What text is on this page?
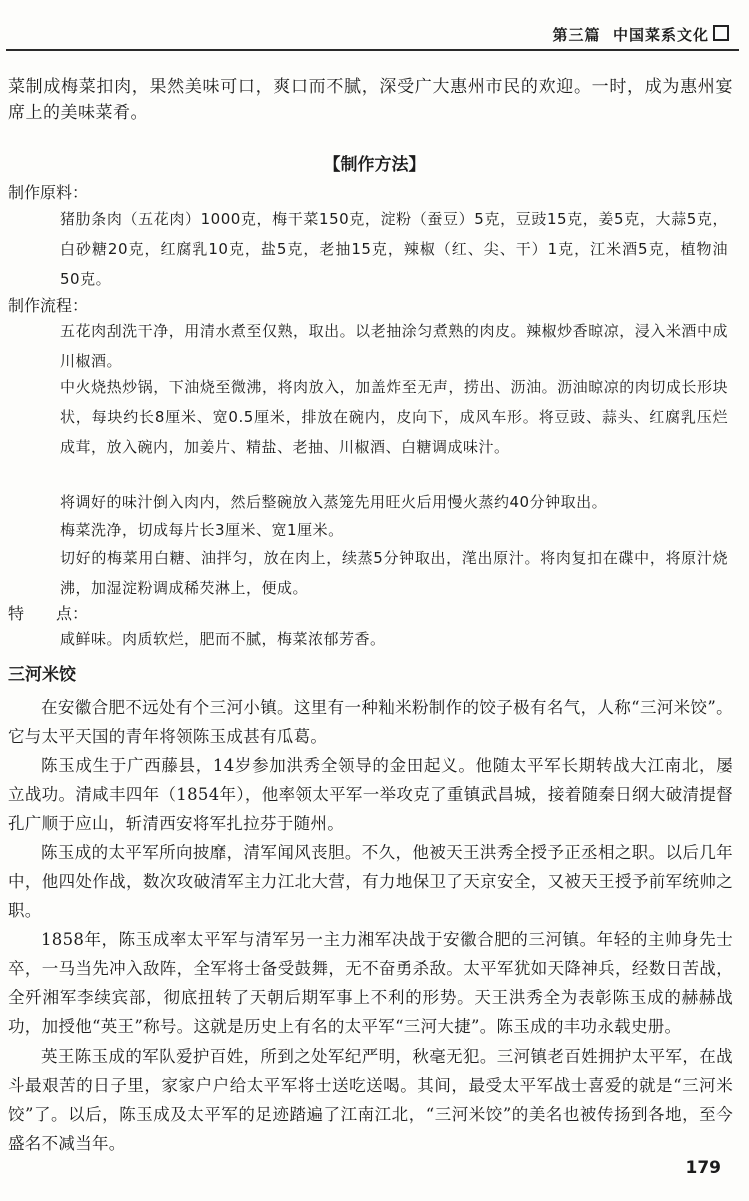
第三篇 中国菜系文化
菜制成梅菜扣肉，果然美味可口，爽口而不腻，深受广大惠州市民的欢迎。一时，成为惠州宴席上的美味菜肴。
【制作方法】
制作原料：
猪肋条肉（五花肉）1000克，梅干菜150克，淀粉（蚕豆）5克，豆豉15克，姜5克，大蒜5克，白砂糖20克，红腐乳10克，盐5克，老抽15克，辣椒（红、尖、干）1克，江米酒5克，植物油50克。
制作流程：
五花肉刮洗干净，用清水煮至仅熟，取出。以老抽涂匀煮熟的肉皮。辣椒炒香晾凉，浸入米酒中成川椒酒。
中火烧热炒锅，下油烧至微沸，将肉放入，加盖炸至无声，捞出、沥油。沥油晾凉的肉切成长形块状，每块约长8厘米、宽0.5厘米，排放在碗内，皮向下，成风车形。将豆豉、蒜头、红腐乳压烂成茸，放入碗内，加姜片、精盐、老抽、川椒酒、白糖调成味汁。
将调好的味汁倒入肉内，然后整碗放入蒸笼先用旺火后用慢火蒸约40分钟取出。
梅菜洗净，切成每片长3厘米、宽1厘米。
切好的梅菜用白糖、油拌匀，放在肉上，续蒸5分钟取出，滗出原汁。将肉复扣在碟中，将原汁烧沸，加湿淀粉调成稀芡淋上，便成。
特　　点：
咸鲜味。肉质软烂，肥而不腻，梅菜浓郁芳香。
三河米饺
在安徽合肥不远处有个三河小镇。这里有一种籼米粉制作的饺子极有名气，人称“三河米饺”。它与太平天国的青年将领陈玉成甚有瓜葛。
陈玉成生于广西藤县，14岁参加洪秀全领导的金田起义。他随太平军长期转战大江南北，屡立战功。清咸丰四年（1854年），他率领太平军一举攻克了重镇武昌城，接着随秦日纲大破清提督孔广顺于应山，斩清西安将军扎拉芬于随州。
陈玉成的太平军所向披靡，清军闻风丧胆。不久，他被天王洪秀全授予正丞相之职。以后几年中，他四处作战，数次攻破清军主力江北大营，有力地保卫了天京安全，又被天王授予前军统帅之职。
1858年，陈玉成率太平军与清军另一主力湘军决战于安徽合肥的三河镇。年轻的主帅身先士卒，一马当先冲入敌阵，全军将士备受鼓舞，无不奋勇杀敌。太平军犹如天降神兵，经数日苦战，全歼湘军李续宾部，彻底扭转了天朝后期军事上不利的形势。天王洪秀全为表彰陈玉成的赫赫战功，加授他“英王”称号。这就是历史上有名的太平军“三河大捷”。陈玉成的丰功永载史册。
英王陈玉成的军队爱护百姓，所到之处军纪严明，秋毫无犯。三河镇老百姓拥护太平军，在战斗最艰苦的日子里，家家户户给太平军将士送吃送喝。其间，最受太平军战士喜爱的就是“三河米饺”了。以后，陈玉成及太平军的足迹踏遍了江南江北，“三河米饺”的美名也被传扬到各地，至今盛名不减当年。
179
